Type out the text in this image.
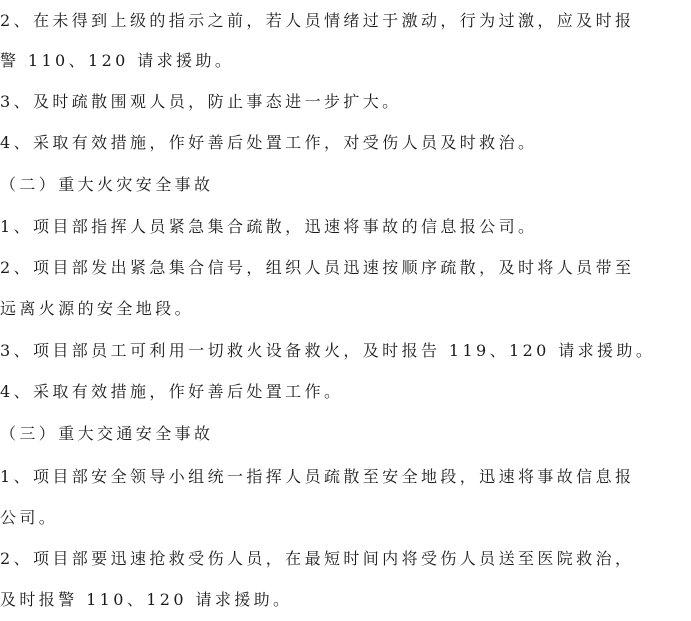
2、在未得到上级的指示之前，若人员情绪过于激动，行为过激，应及时报
警 110、120 请求援助。
3、及时疏散围观人员，防止事态进一步扩大。
4、采取有效措施，作好善后处置工作，对受伤人员及时救治。
（二）重大火灾安全事故
1、项目部指挥人员紧急集合疏散，迅速将事故的信息报公司。
2、项目部发出紧急集合信号，组织人员迅速按顺序疏散，及时将人员带至
远离火源的安全地段。
3、项目部员工可利用一切救火设备救火，及时报告 119、120 请求援助。
4、采取有效措施，作好善后处置工作。
（三）重大交通安全事故
1、项目部安全领导小组统一指挥人员疏散至安全地段，迅速将事故信息报
公司。
2、项目部要迅速抢救受伤人员，在最短时间内将受伤人员送至医院救治，
及时报警 110、120 请求援助。
